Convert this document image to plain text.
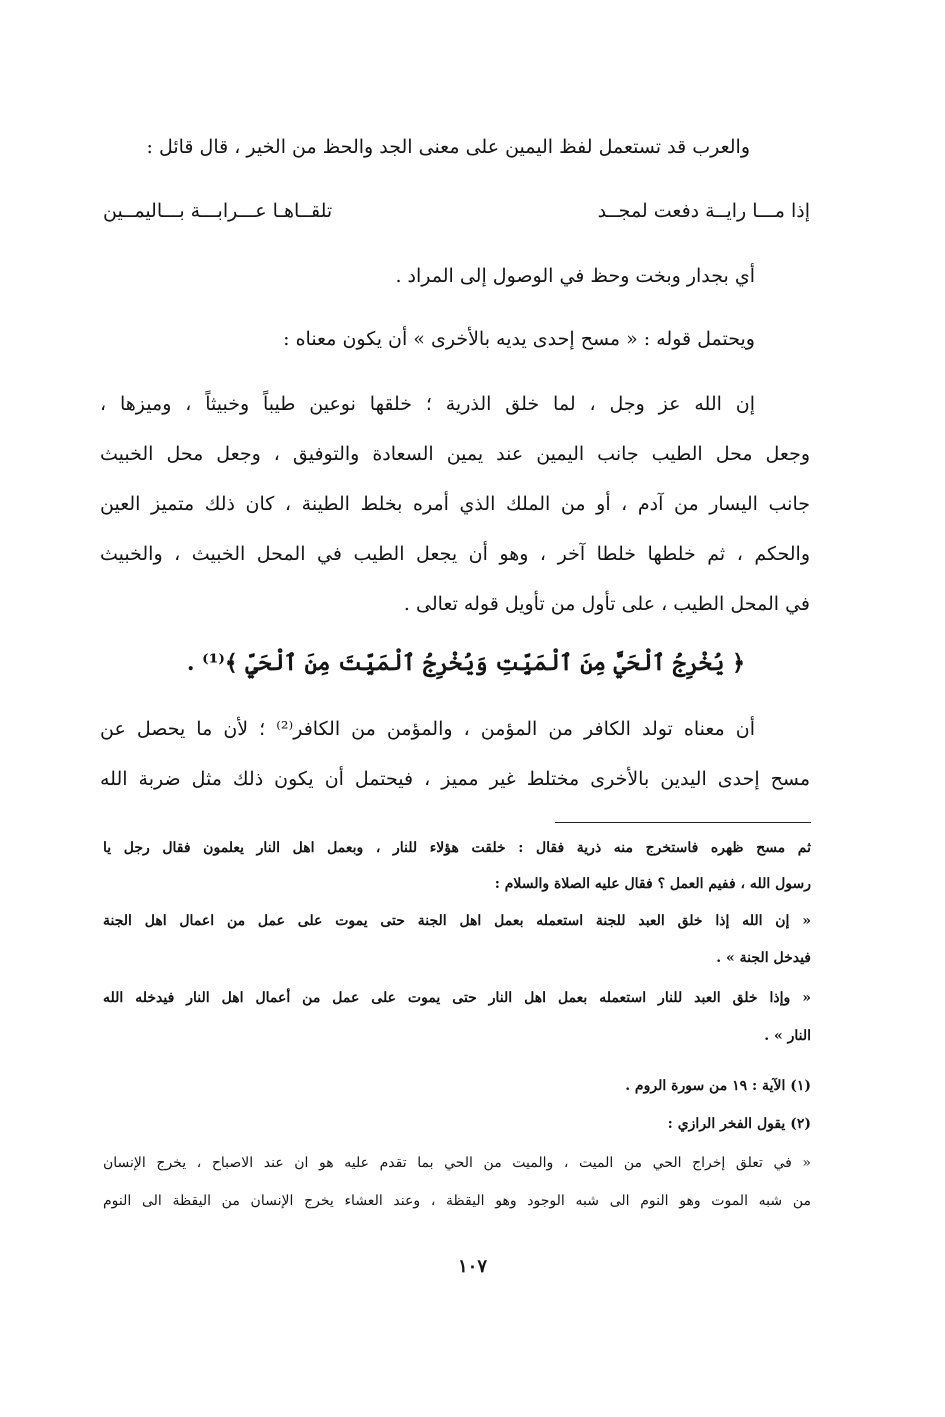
والعرب قد تستعمل لفظ اليمين على معنى الجد والحظ من الخير ، قال قائل :
إذا مـــا رايــة دفعت لمجــد
تلقــاهـا عـــرابـــة بـــاليمــين
أي بجدار وبخت وحظ في الوصول إلى المراد .
ويحتمل قوله : « مسح إحدى يديه بالأخرى » أن يكون معناه :
إن الله عز وجل ، لما خلق الذرية ؛ خلقها نوعين طيباً وخبيثاً ، وميزها ،
وجعل محل الطيب جانب اليمين عند يمين السعادة والتوفيق ، وجعل محل الخبيث
جانب اليسار من آدم ، أو من الملك الذي أمره بخلط الطينة ، كان ذلك متميز العين
والحكم ، ثم خلطها خلطا آخر ، وهو أن يجعل الطيب في المحل الخبيث ، والخبيث
في المحل الطيب ، على تأول من تأويل قوله تعالى .
﴿ يُخْرِجُ ٱلْحَيَّ مِنَ ٱلْمَيِّتِ وَيُخْرِجُ ٱلْمَيِّتَ مِنَ ٱلْحَيِّ ﴾⁽¹⁾ .
أن معناه تولد الكافر من المؤمن ، والمؤمن من الكافر⁽²⁾ ؛ لأن ما يحصل عن
مسح إحدى اليدين بالأخرى مختلط غير مميز ، فيحتمل أن يكون ذلك مثل ضربة الله
ثم مسح ظهره فاستخرج منه ذرية فقال : خلقت هؤلاء للنار ، وبعمل اهل النار يعلمون فقال رجل يا
رسول الله ، ففيم العمل ؟ فقال عليه الصلاة والسلام :
« إن الله إذا خلق العبد للجنة استعمله بعمل اهل الجنة حتى يموت على عمل من اعمال اهل الجنة
فيدخل الجنة » .
« وإذا خلق العبد للنار استعمله بعمل اهل النار حتى يموت على عمل من أعمال اهل النار فيدخله الله
النار » .
(١) الآية : ١٩ من سورة الروم .
(٢) يقول الفخر الرازي :
« في تعلق إخراج الحي من الميت ، والميت من الحي بما تقدم عليه هو ان عند الاصباح ، يخرج الإنسان
من شبه الموت وهو النوم الى شبه الوجود وهو اليقظة ، وعند العشاء يخرج الإنسان من اليقظة الى النوم
١٠٧
